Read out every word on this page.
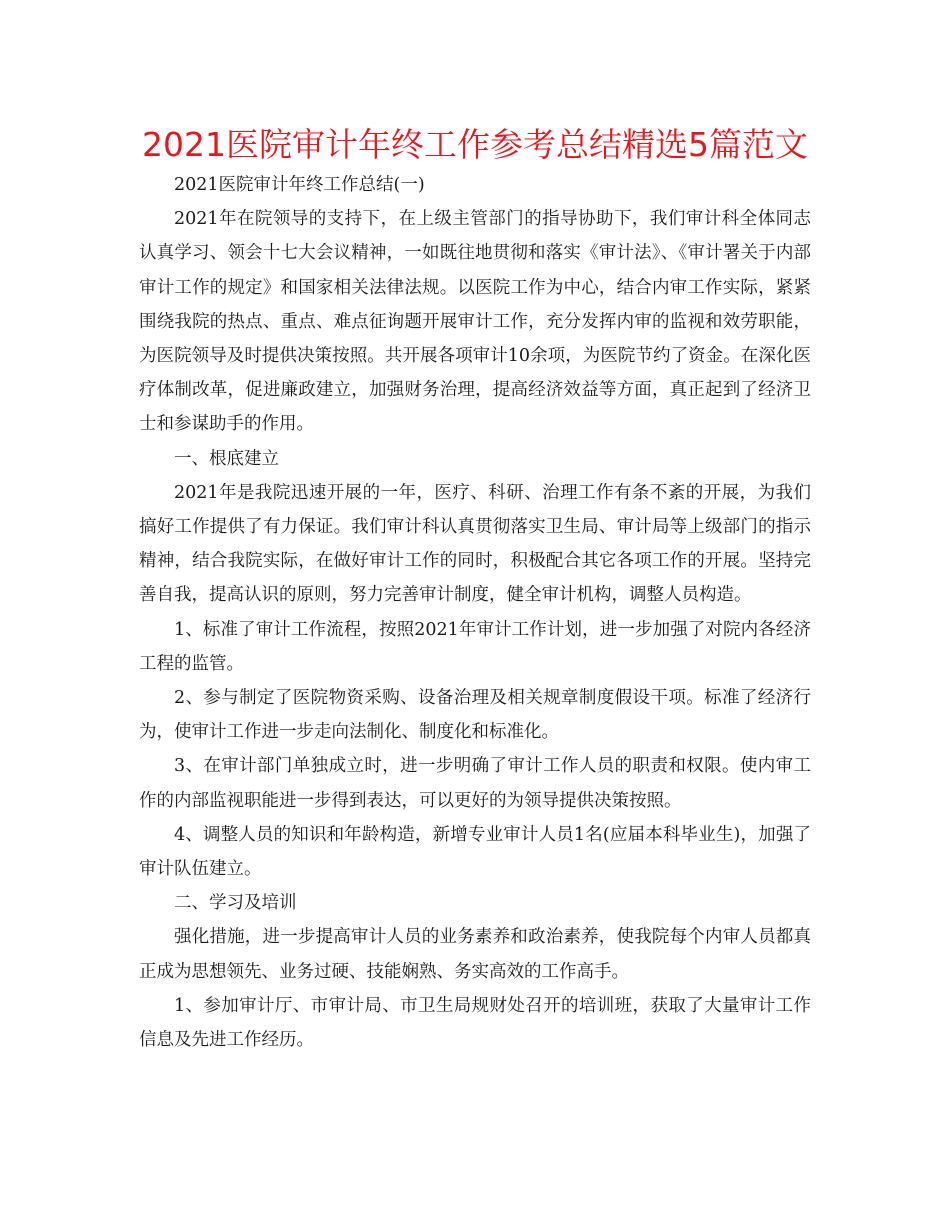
2021医院审计年终工作参考总结精选5篇范文

2021医院审计年终工作总结(一)

2021年在院领导的支持下，在上级主管部门的指导协助下，我们审计科全体同志认真学习、领会十七大会议精神，一如既往地贯彻和落实《审计法》、《审计署关于内部审计工作的规定》和国家相关法律法规。以医院工作为中心，结合内审工作实际，紧紧围绕我院的热点、重点、难点征询题开展审计工作，充分发挥内审的监视和效劳职能，为医院领导及时提供决策按照。共开展各项审计10余项，为医院节约了资金。在深化医疗体制改革，促进廉政建立，加强财务治理，提高经济效益等方面，真正起到了经济卫士和参谋助手的作用。

一、根底建立

2021年是我院迅速开展的一年，医疗、科研、治理工作有条不紊的开展，为我们搞好工作提供了有力保证。我们审计科认真贯彻落实卫生局、审计局等上级部门的指示精神，结合我院实际，在做好审计工作的同时，积极配合其它各项工作的开展。坚持完善自我，提高认识的原则，努力完善审计制度，健全审计机构，调整人员构造。

1、标准了审计工作流程，按照2021年审计工作计划，进一步加强了对院内各经济工程的监管。

2、参与制定了医院物资采购、设备治理及相关规章制度假设干项。标准了经济行为，使审计工作进一步走向法制化、制度化和标准化。

3、在审计部门单独成立时，进一步明确了审计工作人员的职责和权限。使内审工作的内部监视职能进一步得到表达，可以更好的为领导提供决策按照。

4、调整人员的知识和年龄构造，新增专业审计人员1名(应届本科毕业生)，加强了审计队伍建立。

二、学习及培训

强化措施，进一步提高审计人员的业务素养和政治素养，使我院每个内审人员都真正成为思想领先、业务过硬、技能娴熟、务实高效的工作高手。

1、参加审计厅、市审计局、市卫生局规财处召开的培训班，获取了大量审计工作信息及先进工作经历。
